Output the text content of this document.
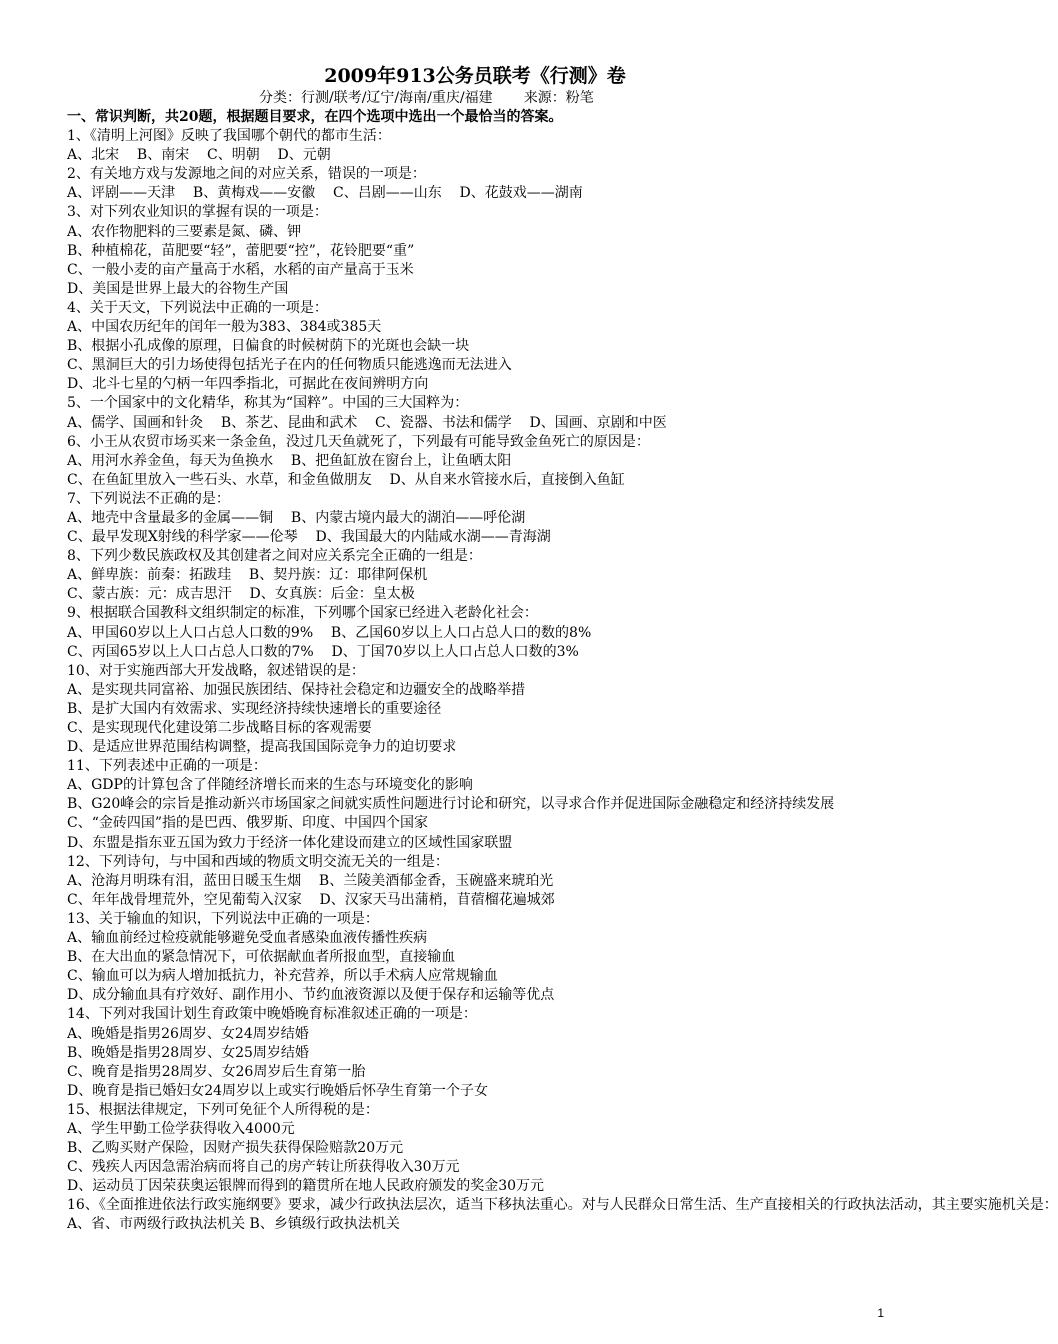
2009年913公务员联考《行测》卷
分类：行测/联考/辽宁/海南/重庆/福建       来源：粉笔
一、常识判断，共20题，根据题目要求，在四个选项中选出一个最恰当的答案。
1、《清明上河图》反映了我国哪个朝代的都市生活：
A、北宋    B、南宋    C、明朝    D、元朝
2、有关地方戏与发源地之间的对应关系，错误的一项是：
A、评剧——天津    B、黄梅戏——安徽    C、吕剧——山东    D、花鼓戏——湖南
3、对下列农业知识的掌握有误的一项是：
A、农作物肥料的三要素是氮、磷、钾
B、种植棉花，苗肥要“轻”，蕾肥要“控”，花铃肥要“重”
C、一般小麦的亩产量高于水稻，水稻的亩产量高于玉米
D、美国是世界上最大的谷物生产国
4、关于天文，下列说法中正确的一项是：
A、中国农历纪年的闰年一般为383、384或385天
B、根据小孔成像的原理，日偏食的时候树荫下的光斑也会缺一块
C、黑洞巨大的引力场使得包括光子在内的任何物质只能逃逸而无法进入
D、北斗七星的勺柄一年四季指北，可据此在夜间辨明方向
5、一个国家中的文化精华，称其为“国粹”。中国的三大国粹为：
A、儒学、国画和针灸    B、茶艺、昆曲和武术    C、瓷器、书法和儒学    D、国画、京剧和中医
6、小王从农贸市场买来一条金鱼，没过几天鱼就死了，下列最有可能导致金鱼死亡的原因是：
A、用河水养金鱼，每天为鱼换水    B、把鱼缸放在窗台上，让鱼晒太阳
C、在鱼缸里放入一些石头、水草，和金鱼做朋友    D、从自来水管接水后，直接倒入鱼缸
7、下列说法不正确的是：
A、地壳中含量最多的金属——铜    B、内蒙古境内最大的湖泊——呼伦湖
C、最早发现X射线的科学家——伦琴    D、我国最大的内陆咸水湖——青海湖
8、下列少数民族政权及其创建者之间对应关系完全正确的一组是：
A、鲜卑族：前秦：拓跋珪    B、契丹族：辽：耶律阿保机
C、蒙古族：元：成吉思汗    D、女真族：后金：皇太极
9、根据联合国教科文组织制定的标准，下列哪个国家已经进入老龄化社会：
A、甲国60岁以上人口占总人口数的9%    B、乙国60岁以上人口占总人口的数的8%
C、丙国65岁以上人口占总人口数的7%    D、丁国70岁以上人口占总人口数的3%
10、对于实施西部大开发战略，叙述错误的是：
A、是实现共同富裕、加强民族团结、保持社会稳定和边疆安全的战略举措
B、是扩大国内有效需求、实现经济持续快速增长的重要途径
C、是实现现代化建设第二步战略目标的客观需要
D、是适应世界范围结构调整，提高我国国际竞争力的迫切要求
11、下列表述中正确的一项是：
A、GDP的计算包含了伴随经济增长而来的生态与环境变化的影响
B、G20峰会的宗旨是推动新兴市场国家之间就实质性问题进行讨论和研究，以寻求合作并促进国际金融稳定和经济持续发展
C、“金砖四国”指的是巴西、俄罗斯、印度、中国四个国家
D、东盟是指东亚五国为致力于经济一体化建设而建立的区域性国家联盟
12、下列诗句，与中国和西域的物质文明交流无关的一组是：
A、沧海月明珠有泪，蓝田日暖玉生烟    B、兰陵美酒郁金香，玉碗盛来琥珀光
C、年年战骨埋荒外，空见葡萄入汉家    D、汉家天马出蒲梢，苜蓿榴花遍城郊
13、关于输血的知识，下列说法中正确的一项是：
A、输血前经过检疫就能够避免受血者感染血液传播性疾病
B、在大出血的紧急情况下，可依据献血者所报血型，直接输血
C、输血可以为病人增加抵抗力，补充营养，所以手术病人应常规输血
D、成分输血具有疗效好、副作用小、节约血液资源以及便于保存和运输等优点
14、下列对我国计划生育政策中晚婚晚育标准叙述正确的一项是：
A、晚婚是指男26周岁、女24周岁结婚
B、晚婚是指男28周岁、女25周岁结婚
C、晚育是指男28周岁、女26周岁后生育第一胎
D、晚育是指已婚妇女24周岁以上或实行晚婚后怀孕生育第一个子女
15、根据法律规定，下列可免征个人所得税的是：
A、学生甲勤工俭学获得收入4000元
B、乙购买财产保险，因财产损失获得保险赔款20万元
C、残疾人丙因急需治病而将自己的房产转让所获得收入30万元
D、运动员丁因荣获奥运银牌而得到的籍贯所在地人民政府颁发的奖金30万元
16、《全面推进依法行政实施纲要》要求，减少行政执法层次，适当下移执法重心。对与人民群众日常生活、生产直接相关的行政执法活动，其主要实施机关是：
A、省、市两级行政执法机关 B、乡镇级行政执法机关
1
